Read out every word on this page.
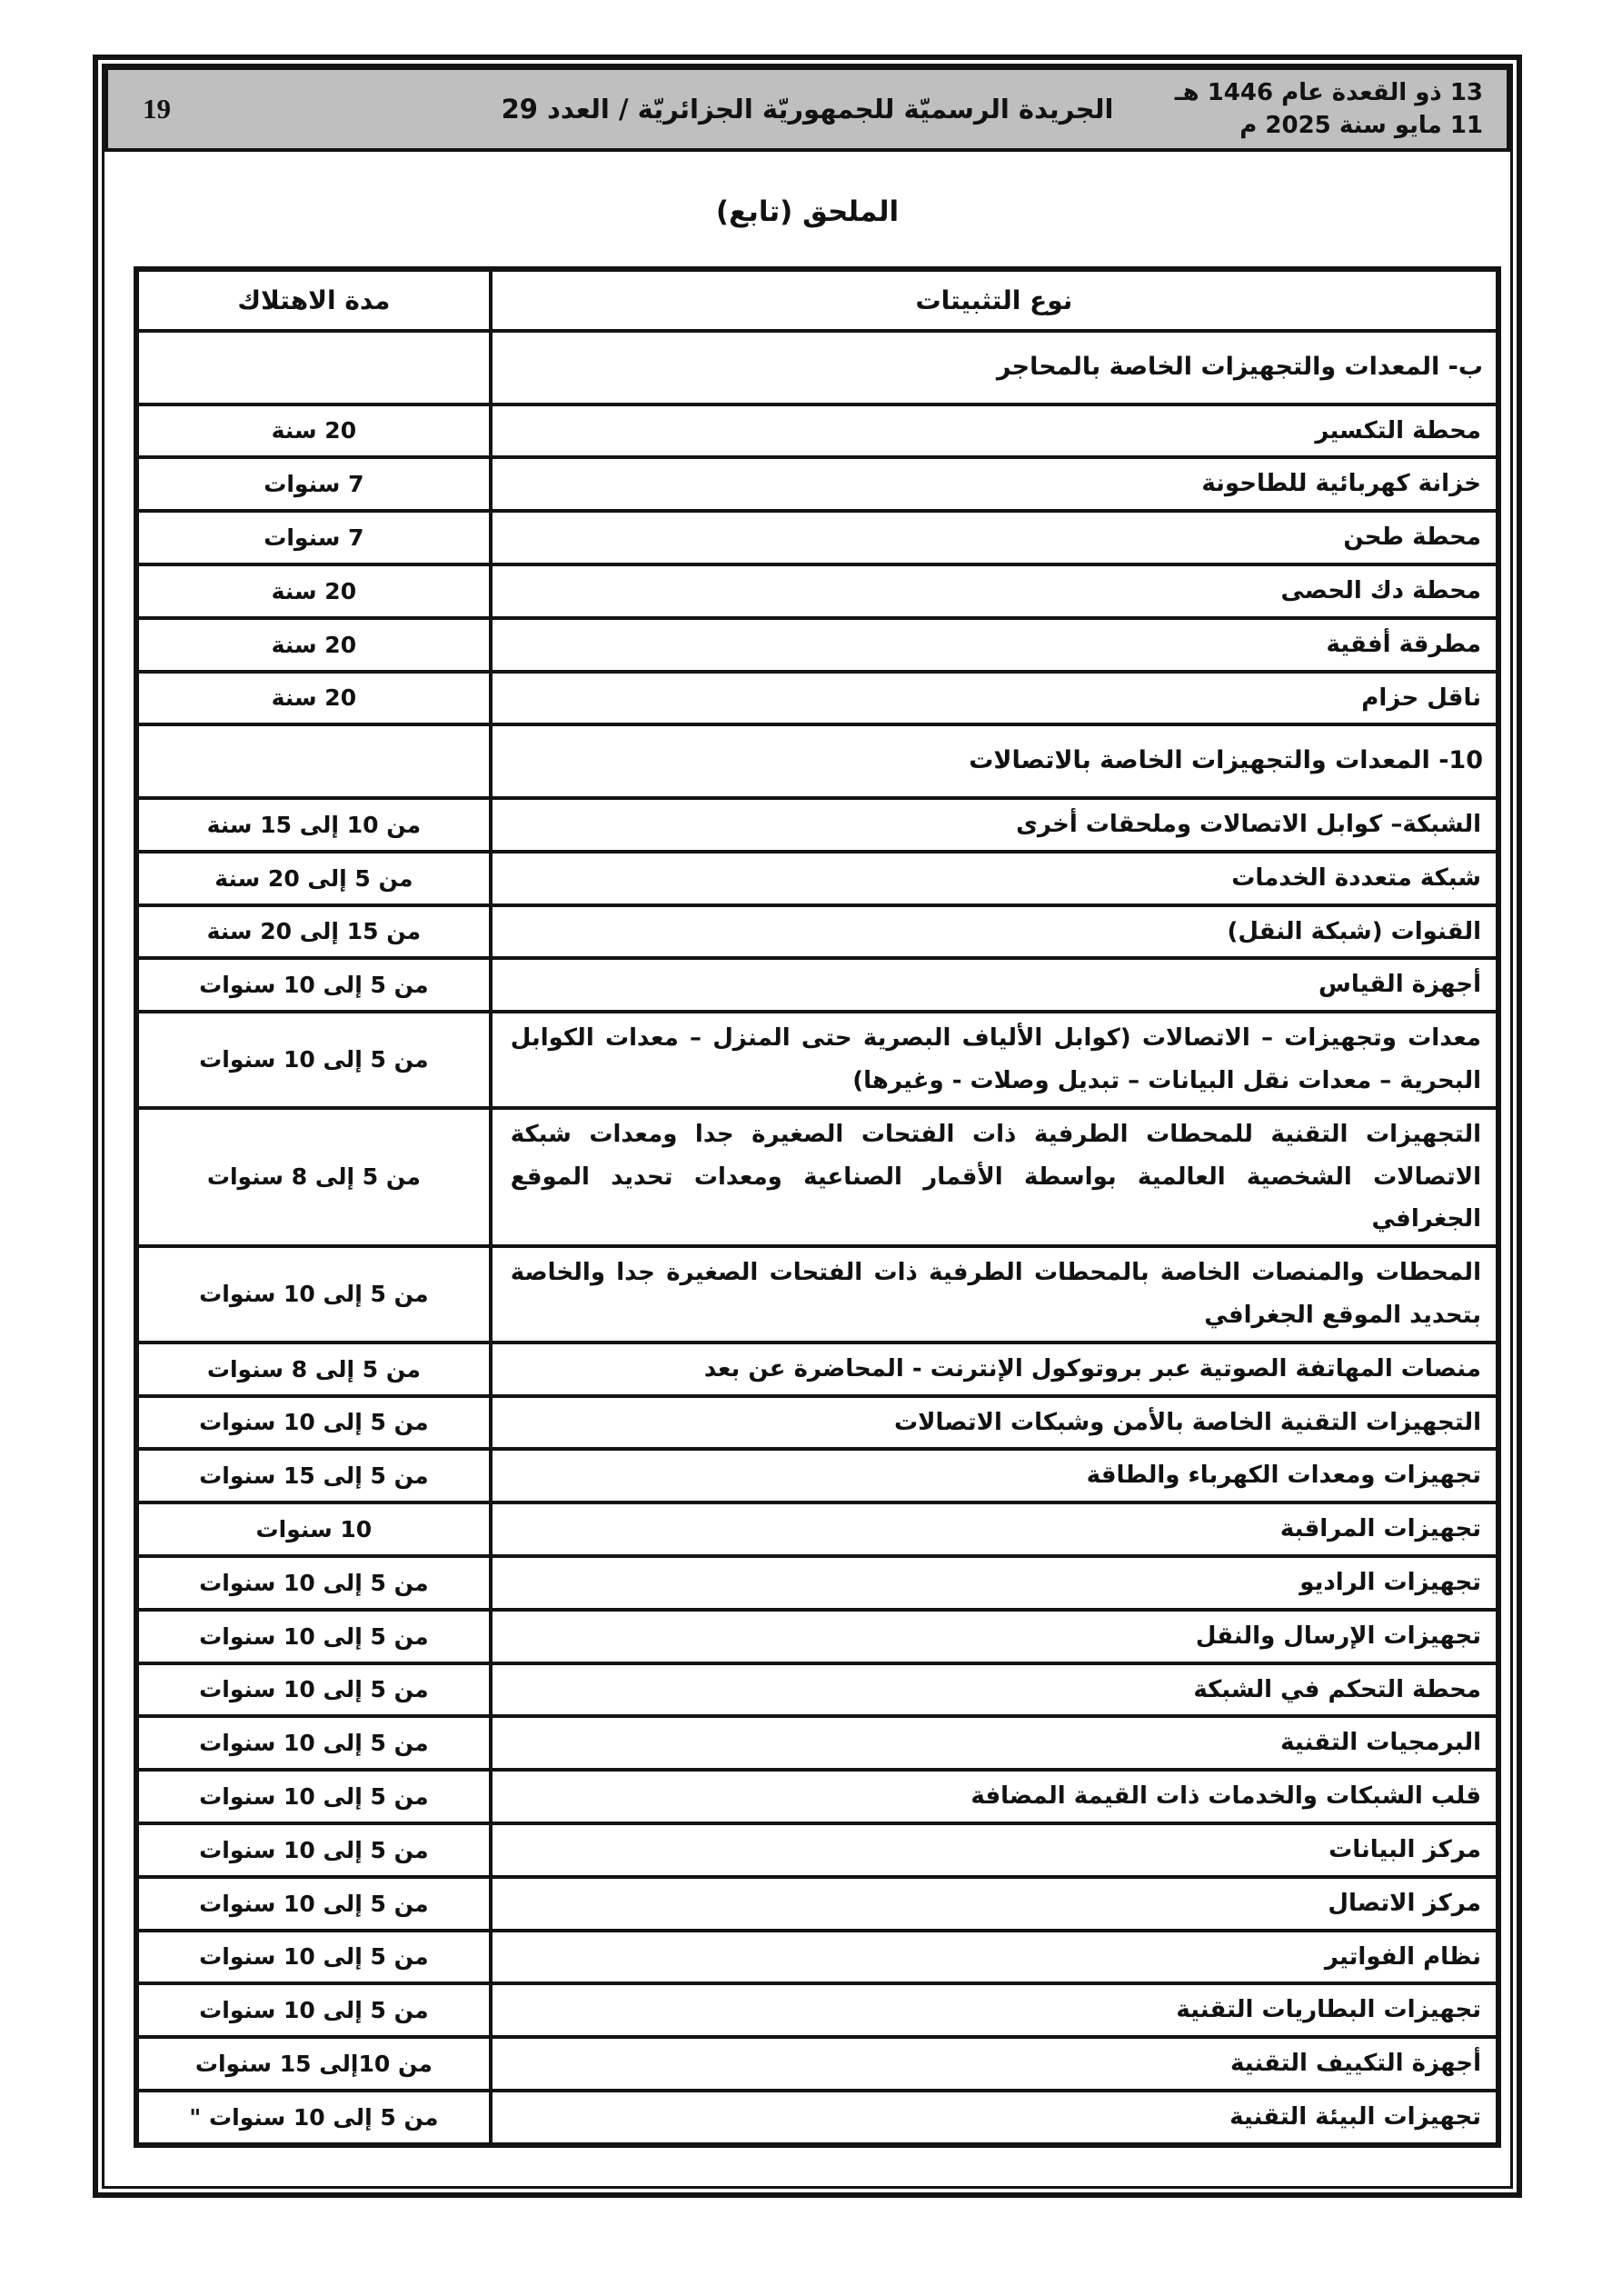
13 ذو القعدة عام 1446 هـ
11 مايو سنة 2025 م
الجريدة الرسميّة للجمهوريّة الجزائريّة / العدد 29
19
الملحق (تابع)
نوع التثبيتات	مدة الاهتلاك
ب- المعدات والتجهيزات الخاصة بالمحاجر	
محطة التكسير	20 سنة
خزانة كهربائية للطاحونة	7 سنوات
محطة طحن	7 سنوات
محطة دك الحصى	20 سنة
مطرقة أفقية	20 سنة
ناقل حزام	20 سنة
10- المعدات والتجهيزات الخاصة بالاتصالات	
الشبكة– كوابل الاتصالات وملحقات أخرى	من 10 إلى 15 سنة
شبكة متعددة الخدمات	من 5 إلى 20 سنة
القنوات (شبكة النقل)	من 15 إلى 20 سنة
أجهزة القياس	من 5 إلى 10 سنوات
معدات وتجهيزات – الاتصالات (كوابل الألياف البصرية حتى المنزل – معدات الكوابل البحرية – معدات نقل البيانات – تبديل وصلات - وغيرها)	من 5 إلى 10 سنوات
التجهيزات التقنية للمحطات الطرفية ذات الفتحات الصغيرة جدا ومعدات شبكة الاتصالات الشخصية العالمية بواسطة الأقمار الصناعية ومعدات تحديد الموقع الجغرافي	من 5 إلى 8 سنوات
المحطات والمنصات الخاصة بالمحطات الطرفية ذات الفتحات الصغيرة جدا والخاصة بتحديد الموقع الجغرافي	من 5 إلى 10 سنوات
منصات المهاتفة الصوتية عبر بروتوكول الإنترنت - المحاضرة عن بعد	من 5 إلى 8 سنوات
التجهيزات التقنية الخاصة بالأمن وشبكات الاتصالات	من 5 إلى 10 سنوات
تجهيزات ومعدات الكهرباء والطاقة	من 5 إلى 15 سنوات
تجهيزات المراقبة	10 سنوات
تجهيزات الراديو	من 5 إلى 10 سنوات
تجهيزات الإرسال والنقل	من 5 إلى 10 سنوات
محطة التحكم في الشبكة	من 5 إلى 10 سنوات
البرمجيات التقنية	من 5 إلى 10 سنوات
قلب الشبكات والخدمات ذات القيمة المضافة	من 5 إلى 10 سنوات
مركز البيانات	من 5 إلى 10 سنوات
مركز الاتصال	من 5 إلى 10 سنوات
نظام الفواتير	من 5 إلى 10 سنوات
تجهيزات البطاريات التقنية	من 5 إلى 10 سنوات
أجهزة التكييف التقنية	من 10إلى 15 سنوات
تجهيزات البيئة التقنية	من 5 إلى 10 سنوات "
